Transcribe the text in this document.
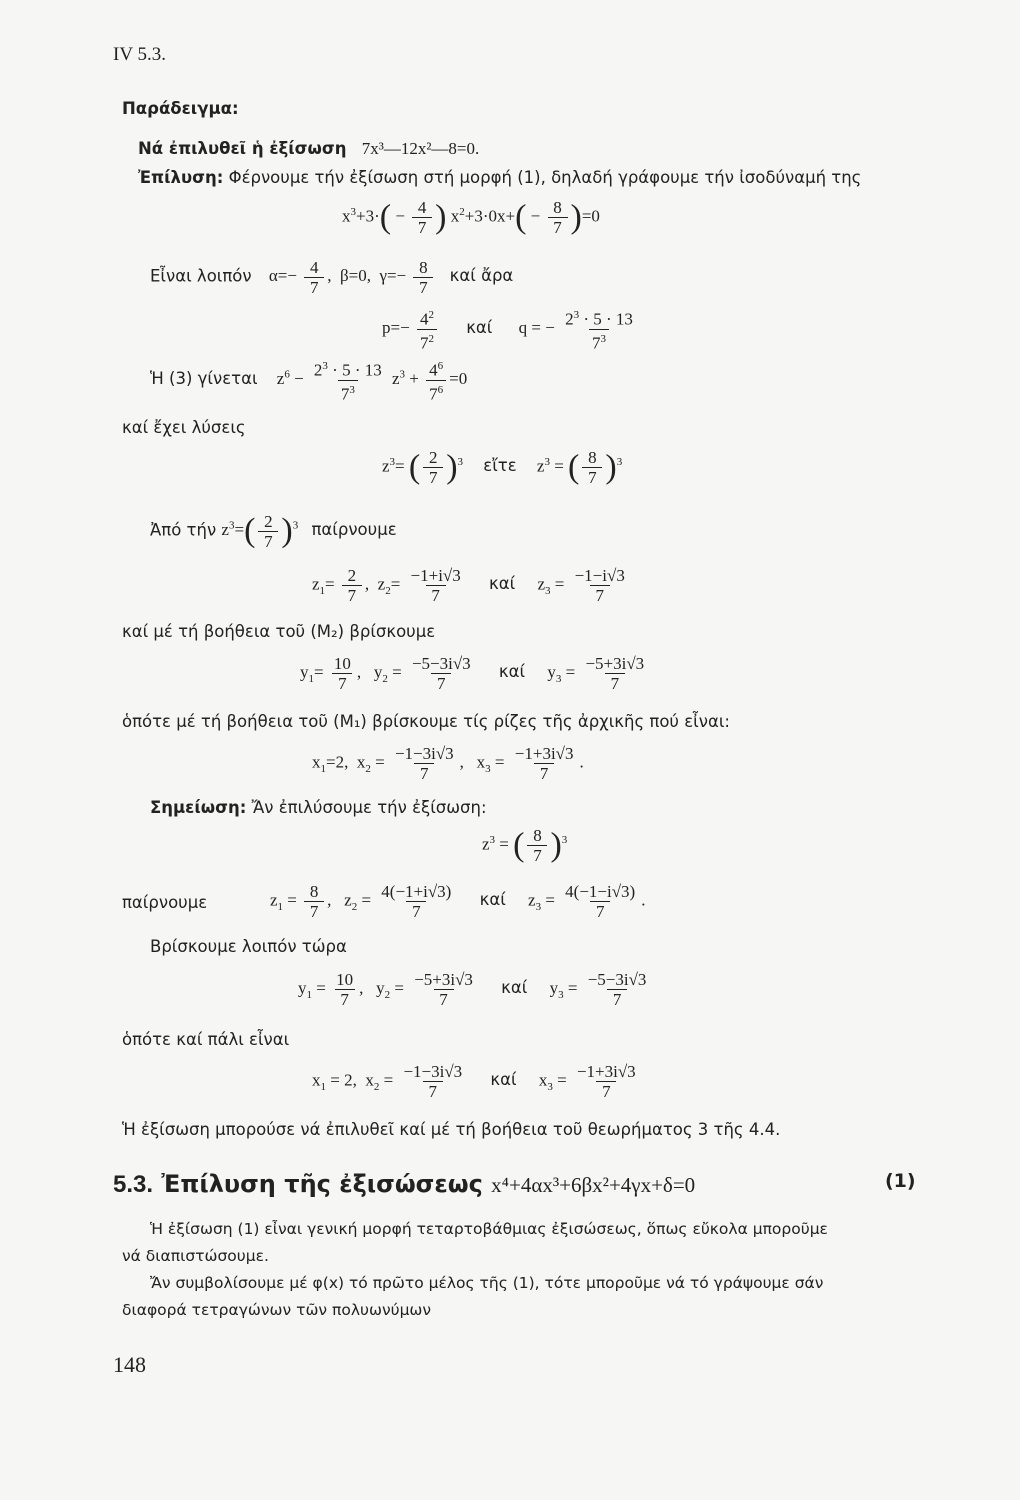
IV 5.3.
Παράδειγμα:
Νά ἐπιλυθεῖ ἡ ἐξίσωση 7x³—12x²—8=0.
Ἐπίλυση: Φέρνουμε τήν ἐξίσωση στή μορφή (1), δηλαδή γράφουμε τήν ἰσοδύναμή της
$x^3+3\cdot( - \frac{4}{7}$ ) $x^2+3\cdot 0x+( - \frac{8}{7} )=0$
Εἶναι λοιπόν $\alpha=- \frac{4}{7}$ ,  β=0,  $\gamma=- \frac{8}{7}$ καί ἄρα
$p=- \frac{4^2}{7^2}$ καί q = − $\frac{2^3 \cdot 5 \cdot 13}{7^3}$
Ἡ (3) γίνεται $z^6 - \frac{2^3 \cdot 5 \cdot 13}{7^3} z^3 + \frac{4^6}{7^6} =0$
καί ἔχει λύσεις
$z^3=$ ( $\frac{2}{7} )^3$ εἴτε $z^3$ = ( $\frac{8}{7} )^3$
Ἀπό τήν $z^3=( \frac{2}{7} )^3$ παίρνουμε
$z_1= \frac{2}{7}$ ,  $z_2= \frac{-1+i√3}{7}$ καί $z_3 = \frac{-1-i√3}{7}$
καί μέ τή βοήθεια τοῦ (M₂) βρίσκουμε
$y_1= \frac{10}{7}$ ,   $y_2 = \frac{-5-3i√3}{7}$ καί $y_3 = \frac{-5+3i√3}{7}$
ὁπότε μέ τή βοήθεια τοῦ (M₁) βρίσκουμε τίς ρίζες τῆς ἀρχικῆς πού εἶναι:
$x_1=2$,  $x_2 = \frac{-1-3i√3}{7}$ ,   $x_3 = \frac{-1+3i√3}{7}$ .
Σημείωση: Ἄν ἐπιλύσουμε τήν ἐξίσωση:
$z^3$ = ( $\frac{8}{7} )^3$
παίρνουμε	$z_1 = \frac{8}{7}$ ,   $z_2 = \frac{4(-1+i√3)}{7}$ καί $z_3 = \frac{4(-1-i√3)}{7}$ .
Βρίσκουμε λοιπόν τώρα
$y_1 = \frac{10}{7}$ ,   $y_2 = \frac{-5+3i√3}{7}$ καί $y_3 = \frac{-5-3i√3}{7}$
ὁπότε καί πάλι εἶναι
$x_1 = 2$,  $x_2 = \frac{-1-3i√3}{7}$ καί $x_3 = \frac{-1+3i√3}{7}$
Ἡ ἐξίσωση μπορούσε νά ἐπιλυθεῖ καί μέ τή βοήθεια τοῦ θεωρήματος 3 τῆς 4.4.
5.3. Ἐπίλυση τῆς ἐξισώσεως x⁴+4αx³+6βx²+4γx+δ=0	(1)
Ἡ ἐξίσωση (1) εἶναι γενική μορφή τεταρτοβάθμιας ἐξισώσεως, ὅπως εὔκολα μποροῦμε
νά διαπιστώσουμε.
Ἄν συμβολίσουμε μέ φ(x) τό πρῶτο μέλος τῆς (1), τότε μποροῦμε νά τό γράψουμε σάν
διαφορά τετραγώνων τῶν πολυωνύμων
148
